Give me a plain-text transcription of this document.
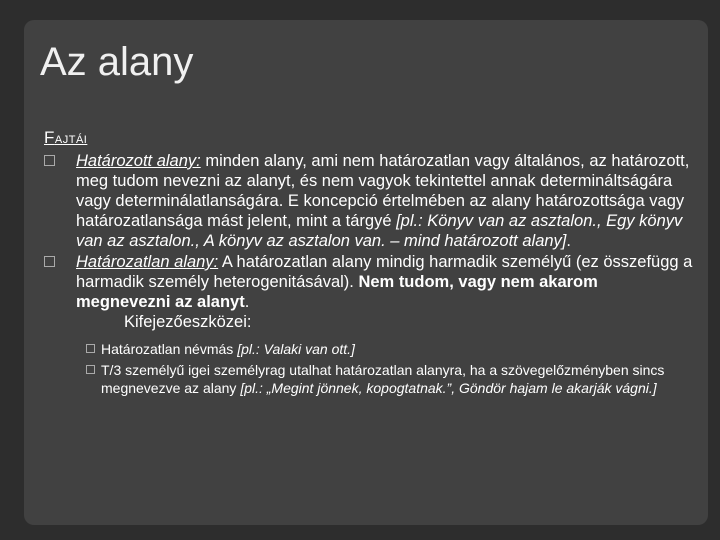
Az alany
FAJTÁI
Határozott alany: minden alany, ami nem határozatlan vagy általános, az határozott, meg tudom nevezni az alanyt, és nem vagyok tekintettel annak determináltságára vagy determinálatlanságára. E koncepció értelmében az alany határozottsága vagy határozatlansága mást jelent, mint a tárgyé [pl.: Könyv van az asztalon., Egy könyv van az asztalon., A könyv az asztalon van. – mind határozott alany].
Határozatlan alany: A határozatlan alany mindig harmadik személyű (ez összefügg a harmadik személy heterogenitásával). Nem tudom, vagy nem akarom megnevezni az alanyt.
Kifejezőeszközei:
Határozatlan névmás [pl.: Valaki van ott.]
T/3 személyű igei személyrag utalhat határozatlan alanyra, ha a szövegelőzményben sincs megnevezve az alany [pl.: „Megint jönnek, kopogtatnak.”, Göndör hajam le akarják vágni.]
